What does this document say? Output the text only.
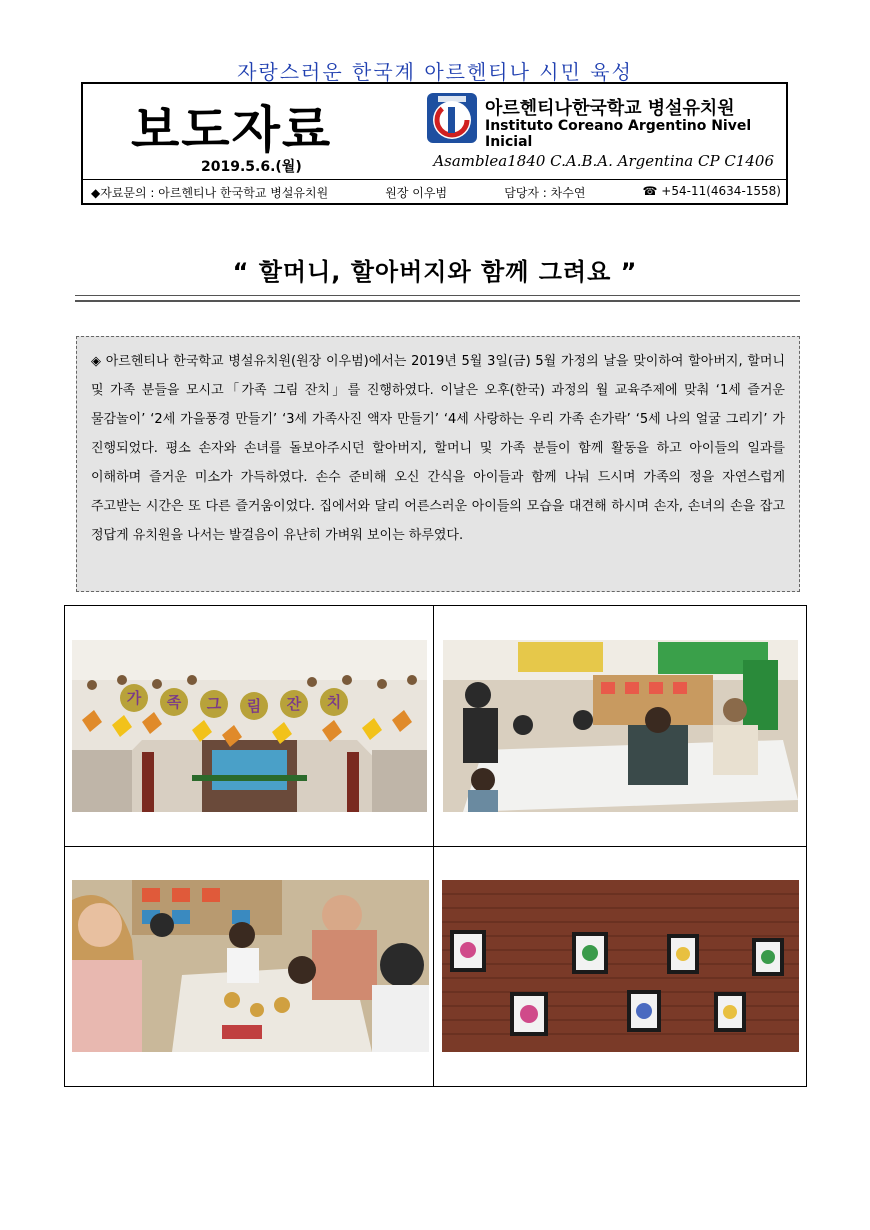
자랑스러운 한국계 아르헨티나 시민 육성
보도자료
2019.5.6.(월)
아르헨티나한국학교 병설유치원
Instituto Coreano Argentino Nivel Inicial
Asamblea1840 C.A.B.A. Argentina CP C1406
◆자료문의 : 아르헨티나 한국학교 병설유치원	원장 이우범	담당자 : 차수연	☎ +54-11(4634-1558)
“ 할머니, 할아버지와 함께 그려요 ”

◈ 아르헨티나 한국학교 병설유치원(원장 이우범)에서는 2019년 5월 3일(금) 5월 가정의 날을 맞이하여 할아버지, 할머니 및 가족 분들을 모시고「가족 그림 잔치」를 진행하였다. 이날은 오후(한국) 과정의 월 교육주제에 맞춰 ‘1세 즐거운 물감놀이’ ‘2세 가을풍경 만들기’ ‘3세 가족사진 액자 만들기’ ‘4세 사랑하는 우리 가족 손가락’ ‘5세 나의 얼굴 그리기’ 가 진행되었다. 평소 손자와 손녀를 돌보아주시던 할아버지, 할머니 및 가족 분들이 함께 활동을 하고 아이들의 일과를 이해하며 즐거운 미소가 가득하였다. 손수 준비해 오신 간식을 아이들과 함께 나눠 드시며 가족의 정을 자연스럽게 주고받는 시간은 또 다른 즐거움이었다. 집에서와 달리 어른스러운 아이들의 모습을 대견해 하시며 손자, 손녀의 손을 잡고 정답게 유치원을 나서는 발걸음이 유난히 가벼워 보이는 하루였다.

가 족 그 림 잔 치
